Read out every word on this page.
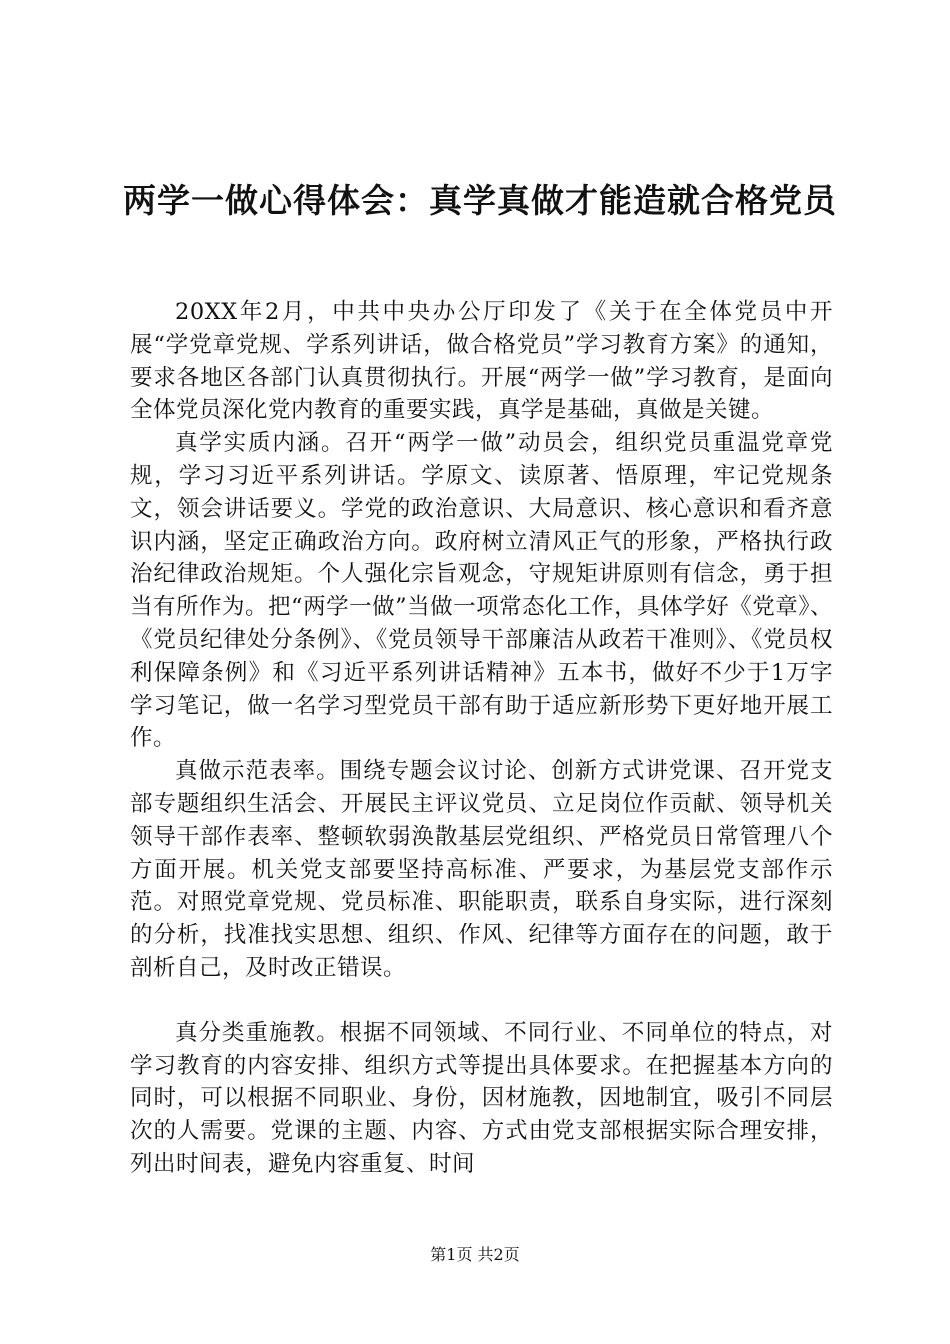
两学一做心得体会：真学真做才能造就合格党员

20XX年2月，中共中央办公厅印发了《关于在全体党员中开展“学党章党规、学系列讲话，做合格党员”学习教育方案》的通知，要求各地区各部门认真贯彻执行。开展“两学一做”学习教育，是面向全体党员深化党内教育的重要实践，真学是基础，真做是关键。

真学实质内涵。召开“两学一做”动员会，组织党员重温党章党规，学习习近平系列讲话。学原文、读原著、悟原理，牢记党规条文，领会讲话要义。学党的政治意识、大局意识、核心意识和看齐意识内涵，坚定正确政治方向。政府树立清风正气的形象，严格执行政治纪律政治规矩。个人强化宗旨观念，守规矩讲原则有信念，勇于担当有所作为。把“两学一做”当做一项常态化工作，具体学好《党章》、《党员纪律处分条例》、《党员领导干部廉洁从政若干准则》、《党员权利保障条例》和《习近平系列讲话精神》五本书，做好不少于1万字学习笔记，做一名学习型党员干部有助于适应新形势下更好地开展工作。

真做示范表率。围绕专题会议讨论、创新方式讲党课、召开党支部专题组织生活会、开展民主评议党员、立足岗位作贡献、领导机关领导干部作表率、整顿软弱涣散基层党组织、严格党员日常管理八个方面开展。机关党支部要坚持高标准、严要求，为基层党支部作示范。对照党章党规、党员标准、职能职责，联系自身实际，进行深刻的分析，找准找实思想、组织、作风、纪律等方面存在的问题，敢于剖析自己，及时改正错误。

真分类重施教。根据不同领域、不同行业、不同单位的特点，对学习教育的内容安排、组织方式等提出具体要求。在把握基本方向的同时，可以根据不同职业、身份，因材施教，因地制宜，吸引不同层次的人需要。党课的主题、内容、方式由党支部根据实际合理安排，列出时间表，避免内容重复、时间

第1页 共2页
